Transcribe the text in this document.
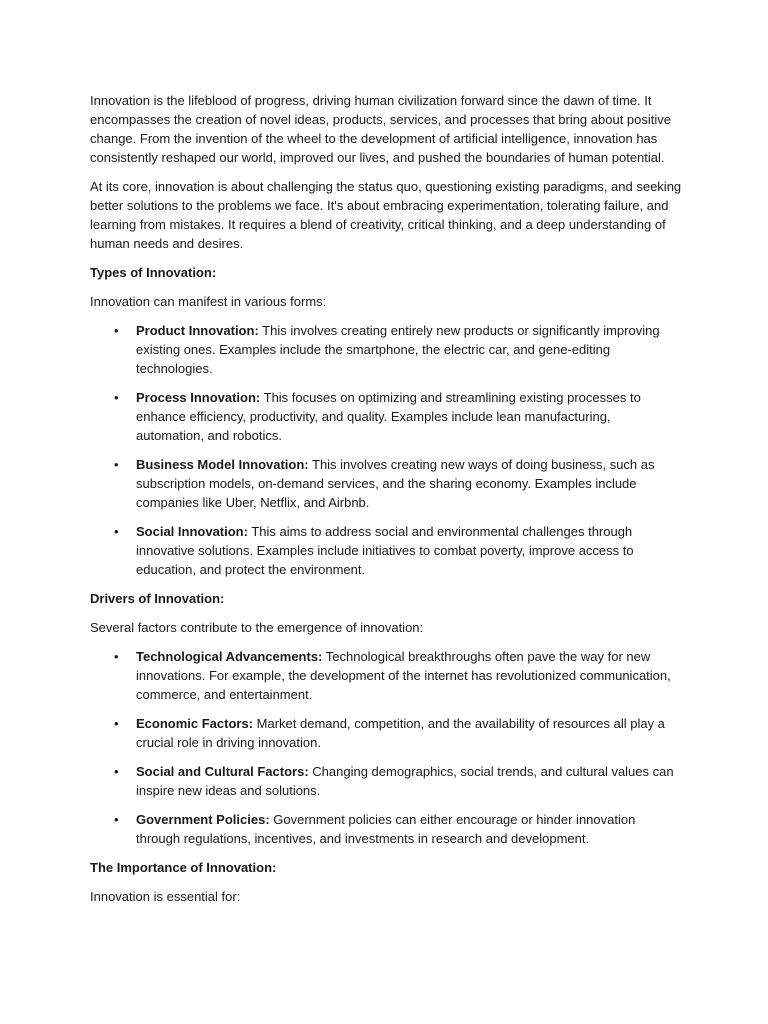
Innovation is the lifeblood of progress, driving human civilization forward since the dawn of time. It encompasses the creation of novel ideas, products, services, and processes that bring about positive change. From the invention of the wheel to the development of artificial intelligence, innovation has consistently reshaped our world, improved our lives, and pushed the boundaries of human potential.

At its core, innovation is about challenging the status quo, questioning existing paradigms, and seeking better solutions to the problems we face. It's about embracing experimentation, tolerating failure, and learning from mistakes. It requires a blend of creativity, critical thinking, and a deep understanding of human needs and desires.

Types of Innovation:

Innovation can manifest in various forms:

• Product Innovation: This involves creating entirely new products or significantly improving existing ones. Examples include the smartphone, the electric car, and gene-editing technologies.
• Process Innovation: This focuses on optimizing and streamlining existing processes to enhance efficiency, productivity, and quality. Examples include lean manufacturing, automation, and robotics.
• Business Model Innovation: This involves creating new ways of doing business, such as subscription models, on-demand services, and the sharing economy. Examples include companies like Uber, Netflix, and Airbnb.
• Social Innovation: This aims to address social and environmental challenges through innovative solutions. Examples include initiatives to combat poverty, improve access to education, and protect the environment.

Drivers of Innovation:

Several factors contribute to the emergence of innovation:

• Technological Advancements: Technological breakthroughs often pave the way for new innovations. For example, the development of the internet has revolutionized communication, commerce, and entertainment.
• Economic Factors: Market demand, competition, and the availability of resources all play a crucial role in driving innovation.
• Social and Cultural Factors: Changing demographics, social trends, and cultural values can inspire new ideas and solutions.
• Government Policies: Government policies can either encourage or hinder innovation through regulations, incentives, and investments in research and development.

The Importance of Innovation:

Innovation is essential for:
